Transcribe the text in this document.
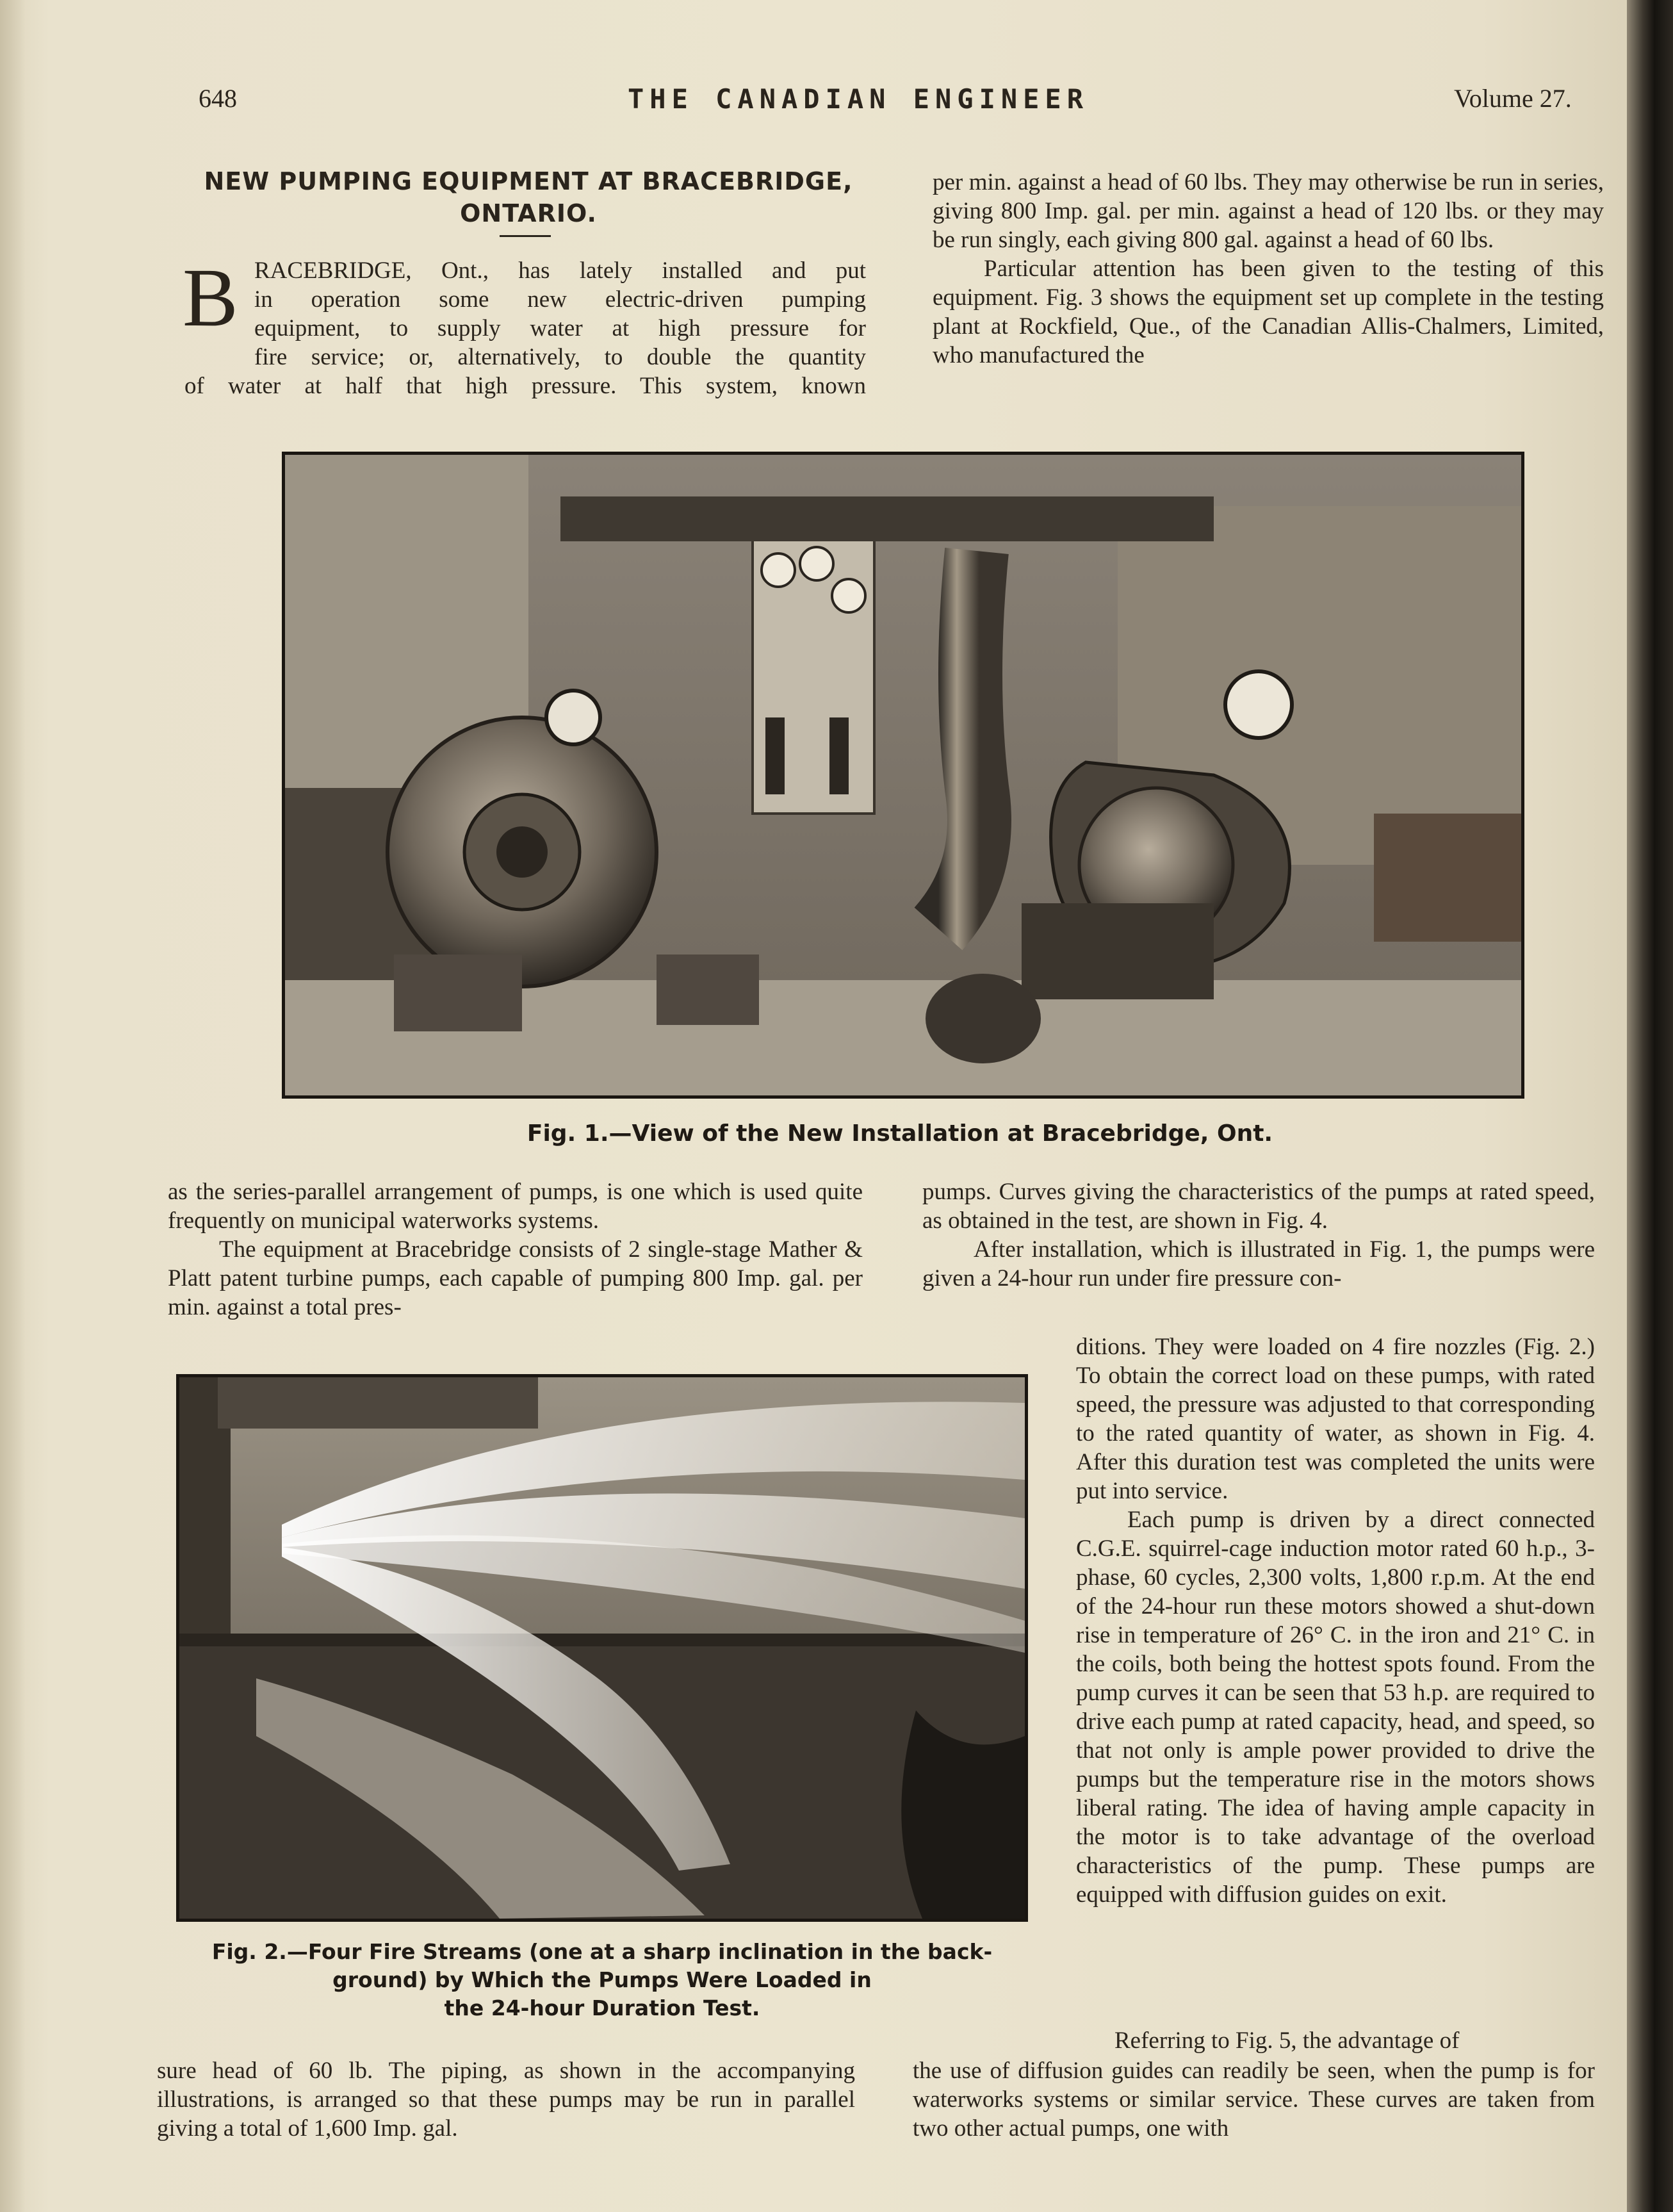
648	THE CANADIAN ENGINEER	Volume 27.
NEW PUMPING EQUIPMENT AT BRACEBRIDGE, ONTARIO.
B RACEBRIDGE, Ont., has lately installed and put
in operation some new electric-driven pumping
equipment, to supply water at high pressure for
fire service; or, alternatively, to double the quantity
of water at half that high pressure. This system, known

per min. against a head of 60 lbs. They may otherwise be run in series, giving 800 Imp. gal. per min. against a head of 120 lbs. or they may be run singly, each giving 800 gal. against a head of 60 lbs.

Particular attention has been given to the testing of this equipment. Fig. 3 shows the equipment set up complete in the testing plant at Rockfield, Que., of the Canadian Allis-Chalmers, Limited, who manufactured the

Fig. 1.—View of the New Installation at Bracebridge, Ont.

as the series-parallel arrangement of pumps, is one which is used quite frequently on municipal waterworks systems.

The equipment at Bracebridge consists of 2 single-stage Mather & Platt patent turbine pumps, each capable of pumping 800 Imp. gal. per min. against a total pres-

Fig. 2.—Four Fire Streams (one at a sharp inclination in the back-
ground) by Which the Pumps Were Loaded in
the 24-hour Duration Test.
sure head of 60 lb. The piping, as shown in the accompanying illustrations, is arranged so that these pumps may be run in parallel giving a total of 1,600 Imp. gal.

pumps. Curves giving the characteristics of the pumps at rated speed, as obtained in the test, are shown in Fig. 4.

After installation, which is illustrated in Fig. 1, the pumps were given a 24-hour run under fire pressure con-

ditions. They were loaded on 4 fire nozzles (Fig. 2.) To obtain the correct load on these pumps, with rated speed, the pressure was adjusted to that corresponding to the rated quantity of water, as shown in Fig. 4. After this duration test was completed the units were put into service.

Each pump is driven by a direct connected C.G.E. squirrel-cage induction motor rated 60 h.p., 3-phase, 60 cycles, 2,300 volts, 1,800 r.p.m. At the end of the 24-hour run these motors showed a shut-down rise in temperature of 26° C. in the iron and 21° C. in the coils, both being the hottest spots found. From the pump curves it can be seen that 53 h.p. are required to drive each pump at rated capacity, head, and speed, so that not only is ample power provided to drive the pumps but the temperature rise in the motors shows liberal rating. The idea of having ample capacity in the motor is to take advantage of the overload characteristics of the pump. These pumps are equipped with diffusion guides on exit.

Referring to Fig. 5, the advantage of
the use of diffusion guides can readily be seen, when the pump is for waterworks systems or similar service. These curves are taken from two other actual pumps, one with
